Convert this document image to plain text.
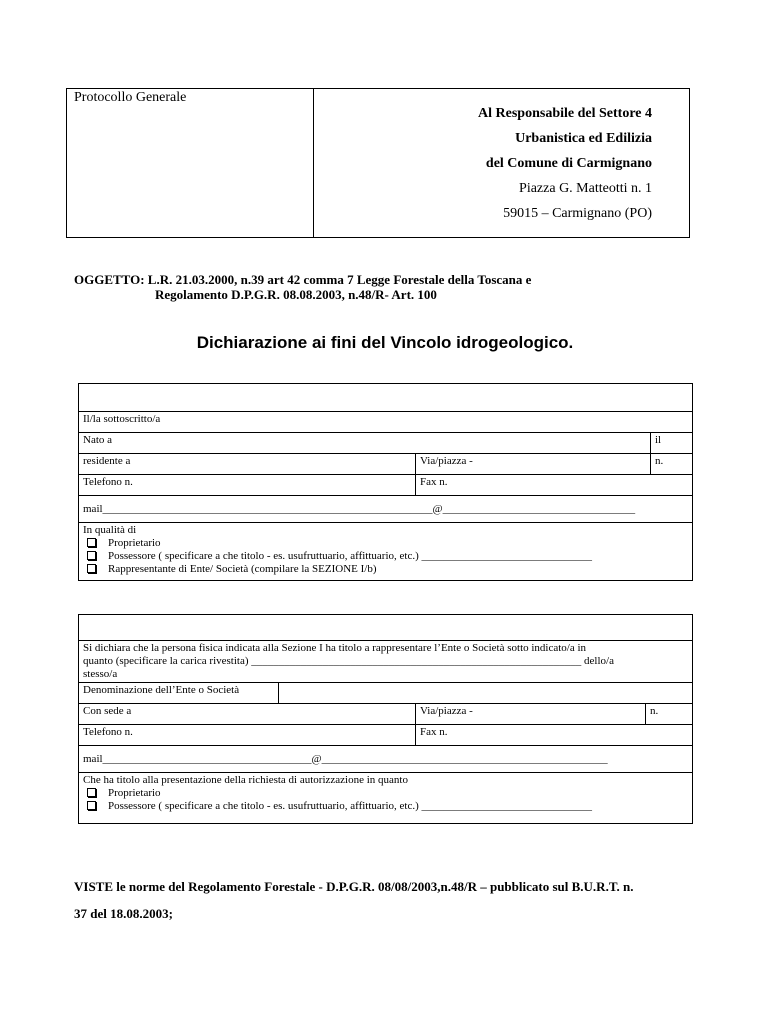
Protocollo Generale
Al Responsabile del Settore 4
Urbanistica ed Edilizia
del Comune di Carmignano
Piazza G. Matteotti n. 1
59015 – Carmignano (PO)
OGGETTO: L.R. 21.03.2000, n.39 art 42 comma 7 Legge Forestale della Toscana e
Regolamento D.P.G.R. 08.08.2003, n.48/R- Art. 100
Dichiarazione ai fini del Vincolo idrogeologico.

Il/la sottoscritto/a		
Nato a		il
residente a	Via/piazza -	n.
Telefono n.	Fax n.	
mail____________________________________________________________@___________________________________		

In qualità di
Proprietario
Possessore ( specificare a che titolo - es. usufruttuario, affittuario, etc.) _______________________________
Rappresentante di Ente/ Società (compilare la SEZIONE I/b)		

Si dichiara che la persona fisica indicata alla Sezione I ha titolo a rappresentare l’Ente o Società sotto indicato/a in
quanto (specificare la carica rivestita) ____________________________________________________________ dello/a
stesso/a			

Denominazione dell’Ente o Società			
Con sede a		Via/piazza -	n.
Telefono n.		Fax n.	
mail______________________________________@____________________________________________________			

Che ha titolo alla presentazione della richiesta di autorizzazione in quanto
Proprietario
Possessore ( specificare a che titolo - es. usufruttuario, affittuario, etc.) _______________________________			
VISTE le norme del Regolamento Forestale - D.P.G.R. 08/08/2003,n.48/R – pubblicato sul B.U.R.T. n.
37 del 18.08.2003;
